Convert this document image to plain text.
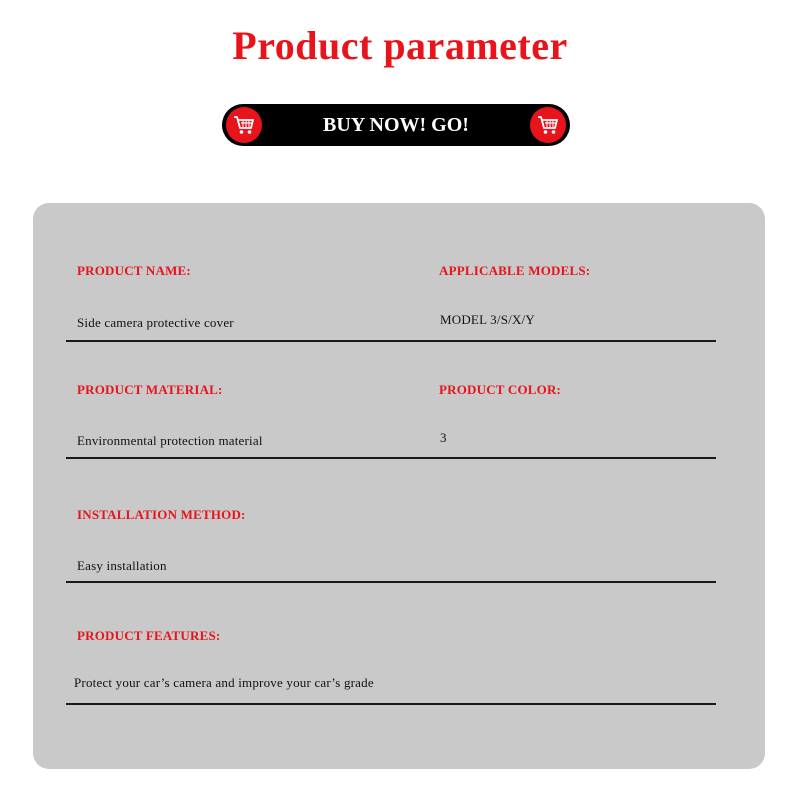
Product parameter
BUY NOW! GO!
PRODUCT NAME:	APPLICABLE MODELS:
Side camera protective cover	MODEL 3/S/X/Y
PRODUCT MATERIAL:	PRODUCT COLOR:
Environmental protection material	3
INSTALLATION METHOD:
Easy installation
PRODUCT FEATURES:
Protect your car’s camera and improve your car’s grade
